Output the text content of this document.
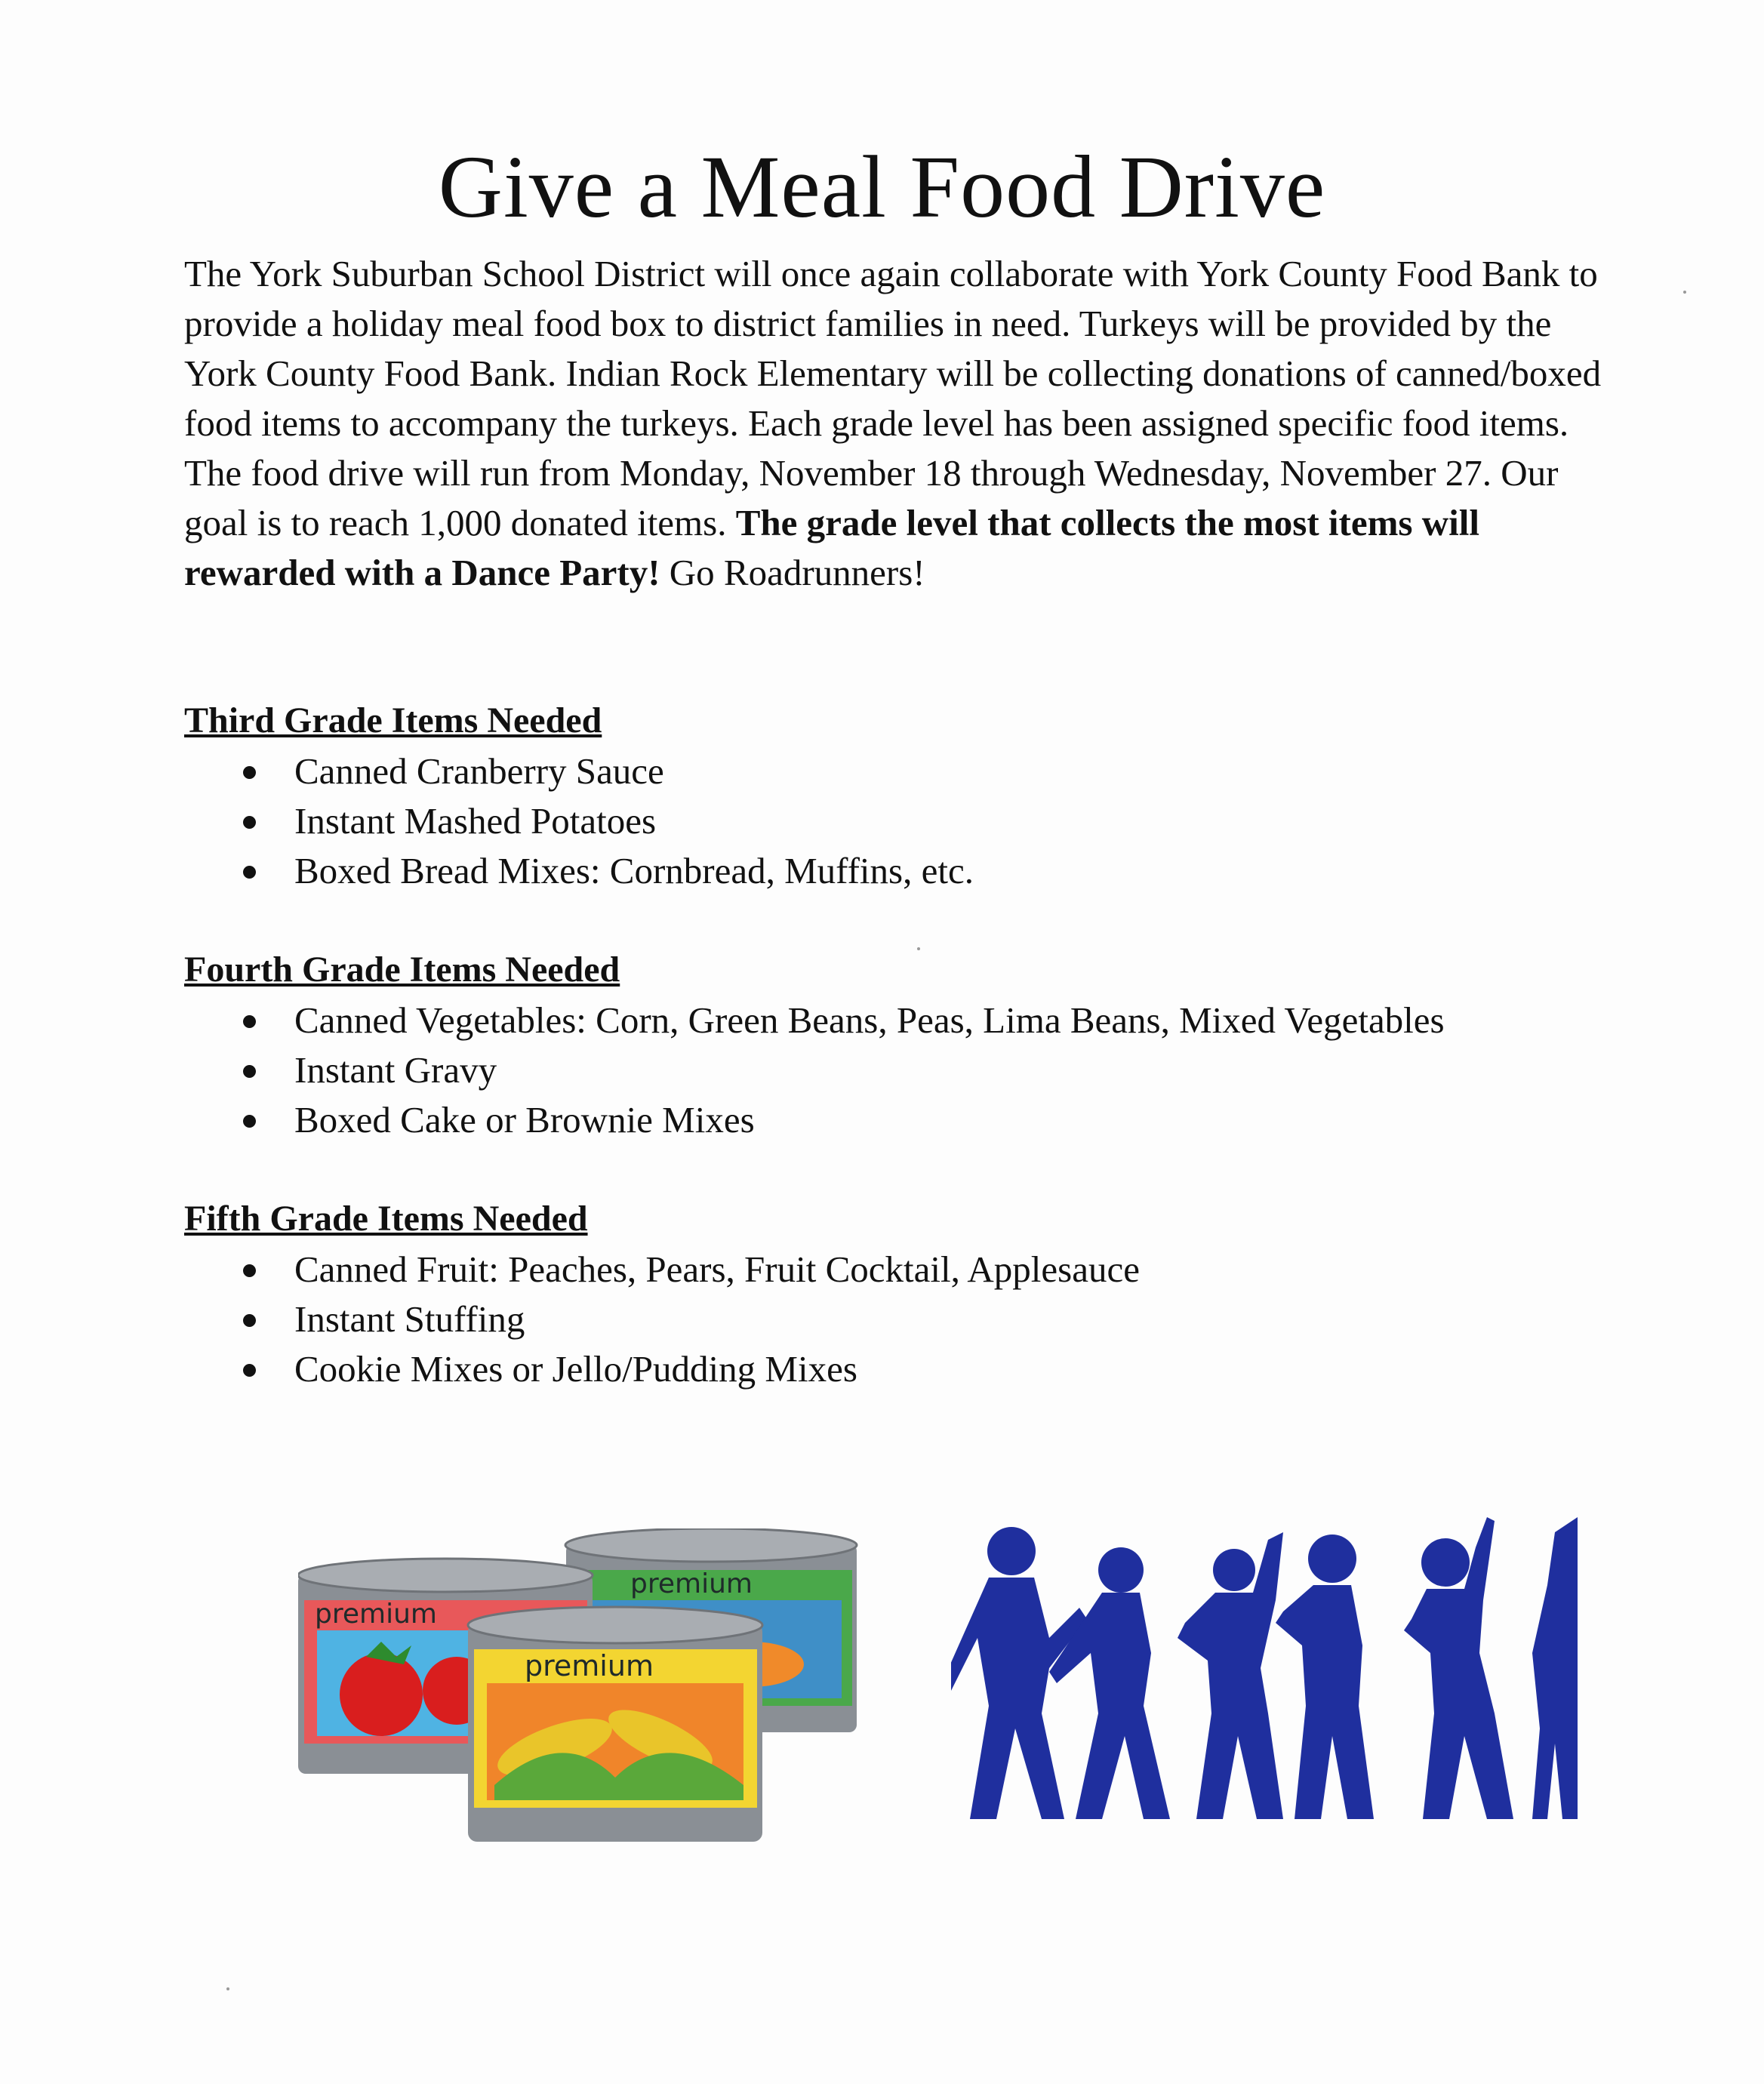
Give a Meal Food Drive

The York Suburban School District will once again collaborate with York County Food Bank to provide a holiday meal food box to district families in need. Turkeys will be provided by the York County Food Bank. Indian Rock Elementary will be collecting donations of canned/boxed food items to accompany the turkeys. Each grade level has been assigned specific food items. The food drive will run from Monday, November 18 through Wednesday, November 27. Our goal is to reach 1,000 donated items. The grade level that collects the most items will rewarded with a Dance Party! Go Roadrunners!

Third Grade Items Needed
Canned Cranberry Sauce
Instant Mashed Potatoes
Boxed Bread Mixes: Cornbread, Muffins, etc.
Fourth Grade Items Needed
Canned Vegetables: Corn, Green Beans, Peas, Lima Beans, Mixed Vegetables
Instant Gravy
Boxed Cake or Brownie Mixes
Fifth Grade Items Needed
Canned Fruit: Peaches, Pears, Fruit Cocktail, Applesauce
Instant Stuffing
Cookie Mixes or Jello/Pudding Mixes
premium
premium
premium
